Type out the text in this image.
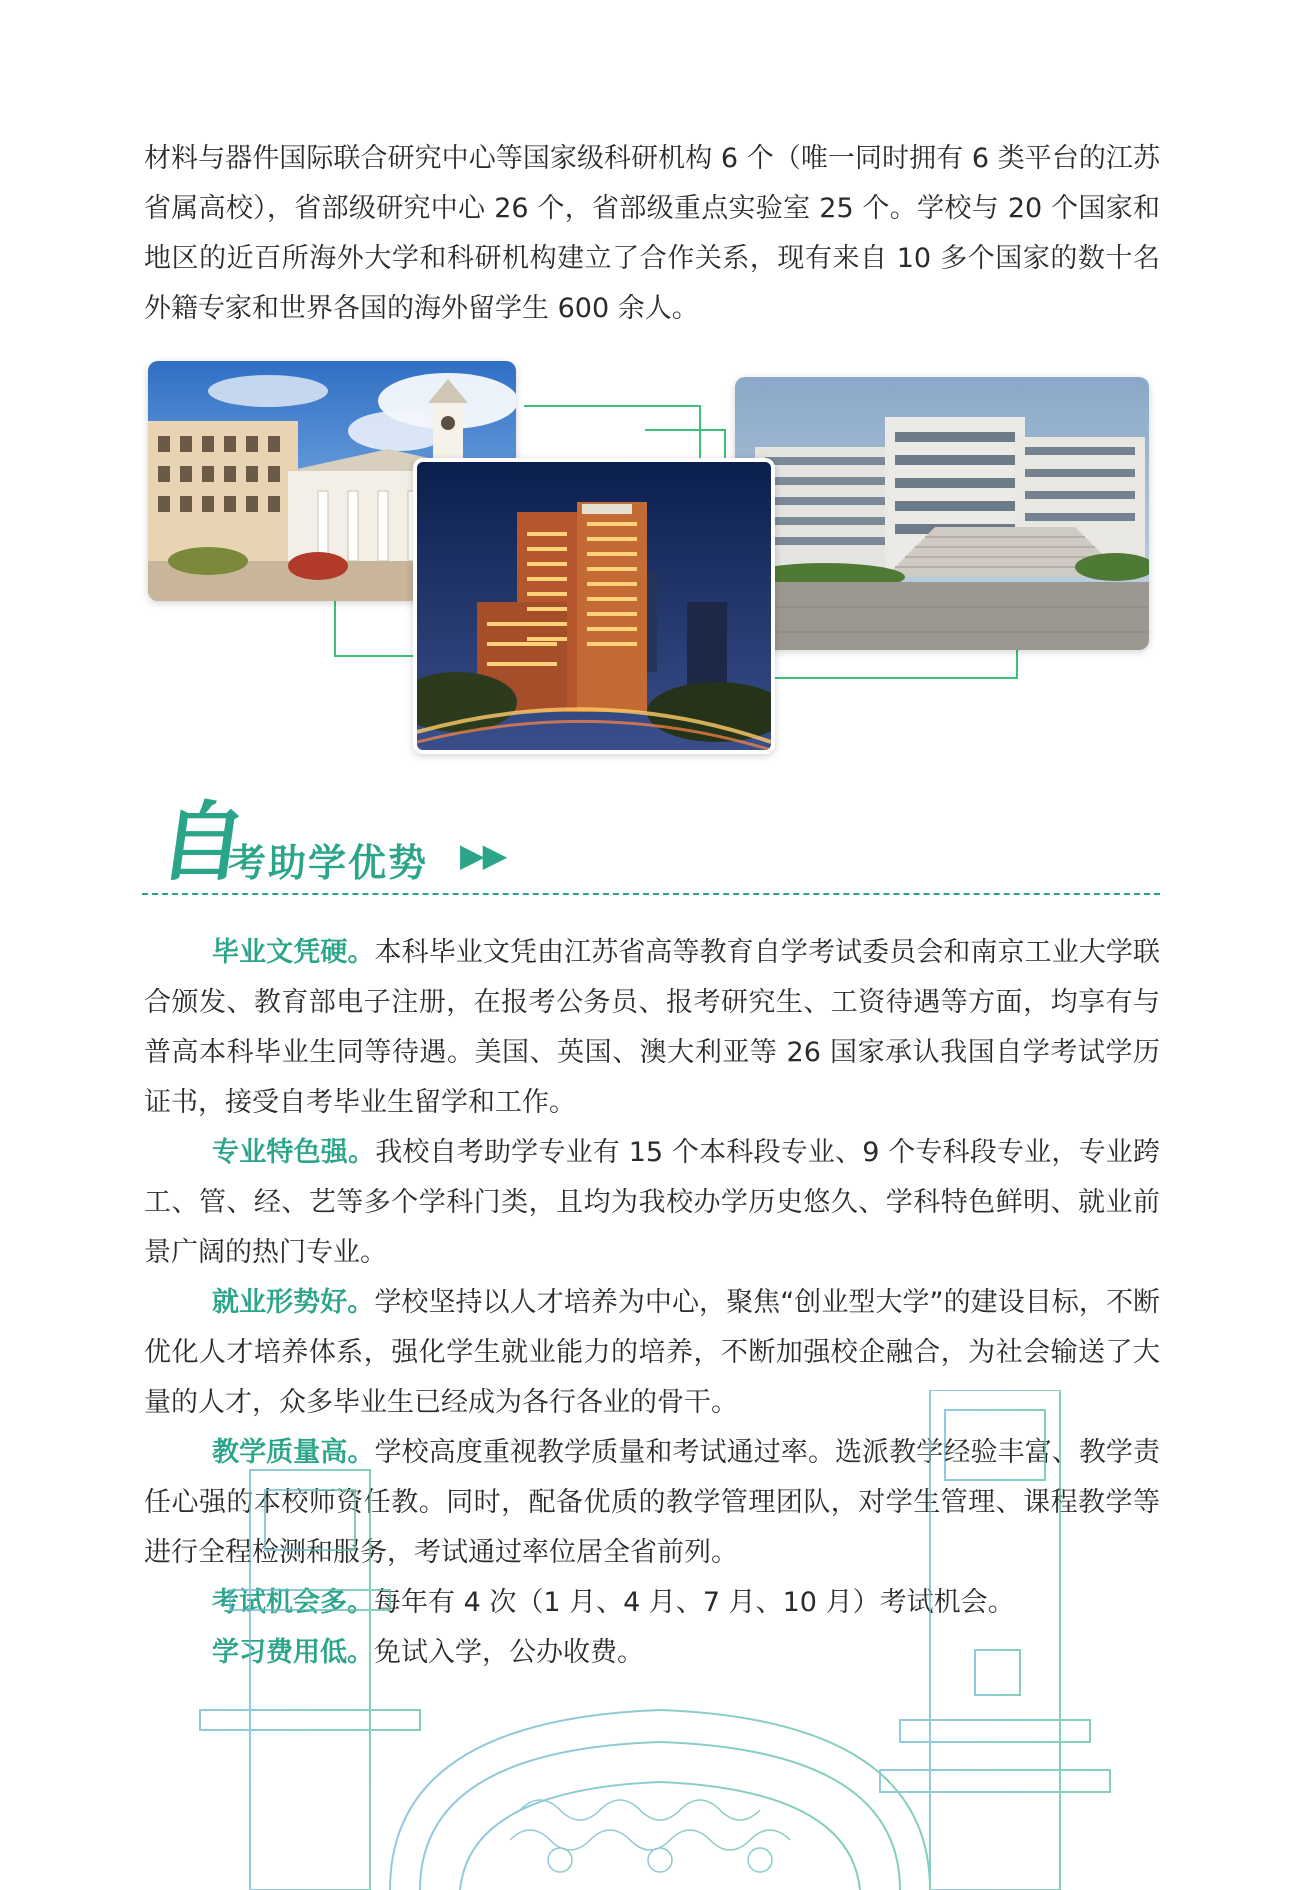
材料与器件国际联合研究中心等国家级科研机构 6 个（唯一同时拥有 6 类平台的江苏省属高校），省部级研究中心 26 个，省部级重点实验室 25 个。学校与 20 个国家和地区的近百所海外大学和科研机构建立了合作关系，现有来自 10 多个国家的数十名外籍专家和世界各国的海外留学生 600 余人。

自
考助学优势 ▶▶

毕业文凭硬。本科毕业文凭由江苏省高等教育自学考试委员会和南京工业大学联合颁发、教育部电子注册，在报考公务员、报考研究生、工资待遇等方面，均享有与普高本科毕业生同等待遇。美国、英国、澳大利亚等 26 国家承认我国自学考试学历证书，接受自考毕业生留学和工作。

专业特色强。我校自考助学专业有 15 个本科段专业、9 个专科段专业，专业跨工、管、经、艺等多个学科门类，且均为我校办学历史悠久、学科特色鲜明、就业前景广阔的热门专业。

就业形势好。学校坚持以人才培养为中心，聚焦“创业型大学”的建设目标，不断优化人才培养体系，强化学生就业能力的培养，不断加强校企融合，为社会输送了大量的人才，众多毕业生已经成为各行各业的骨干。

教学质量高。学校高度重视教学质量和考试通过率。选派教学经验丰富、教学责任心强的本校师资任教。同时，配备优质的教学管理团队，对学生管理、课程教学等进行全程检测和服务，考试通过率位居全省前列。

考试机会多。每年有 4 次（1 月、4 月、7 月、10 月）考试机会。

学习费用低。免试入学，公办收费。
